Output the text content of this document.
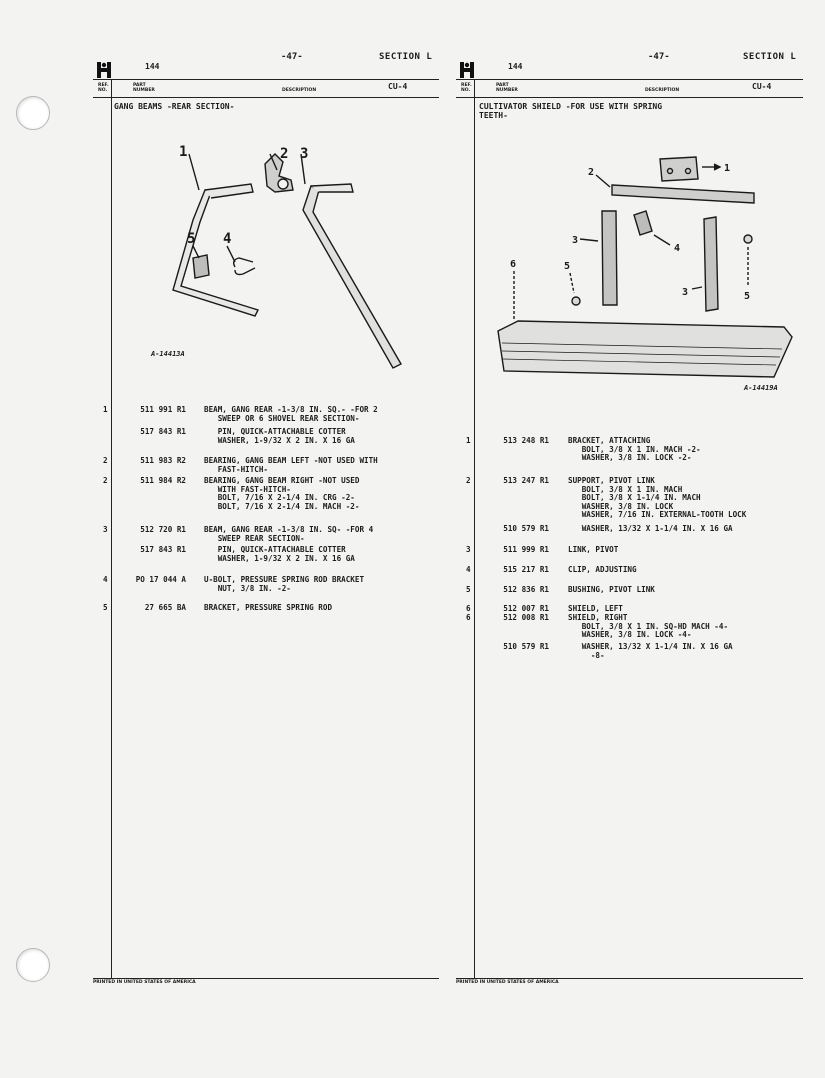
-47-	SECTION L
144
REF.
NO.
PART
NUMBER	DESCRIPTION	CU-4
GANG BEAMS -REAR SECTION-
1	2 3
4
5
A-14413A
1	511 991 R1 BEAM, GANG REAR -1-3/8 IN. SQ.- -FOR 2
SWEEP OR 6 SHOVEL REAR SECTION-
517 843 R1 PIN, QUICK-ATTACHABLE COTTER
WASHER, 1-9/32 X 2 IN. X 16 GA
2	511 983 R2 BEARING, GANG BEAM LEFT -NOT USED WITH
FAST-HITCH-
2	511 984 R2 BEARING, GANG BEAM RIGHT -NOT USED
WITH FAST-HITCH-
BOLT, 7/16 X 2-1/4 IN. CRG -2-
BOLT, 7/16 X 2-1/4 IN. MACH -2-
3	512 720 R1 BEAM, GANG REAR -1-3/8 IN. SQ- -FOR 4
SWEEP REAR SECTION-
517 843 R1 PIN, QUICK-ATTACHABLE COTTER
WASHER, 1-9/32 X 2 IN. X 16 GA
4	PO 17 044 A U-BOLT, PRESSURE SPRING ROD BRACKET
NUT, 3/8 IN. -2-
5	27 665 BA BRACKET, PRESSURE SPRING ROD
PRINTED IN UNITED STATES OF AMERICA
-47-	SECTION L
144
REF.
NO.
PART
NUMBER	DESCRIPTION	CU-4
CULTIVATOR SHIELD -FOR USE WITH SPRING
TEETH-
1
2
3
4
5
6
3	5
A-14419A
1	513 248 R1	BRACKET, ATTACHING
BOLT, 3/8 X 1 IN. MACH -2-
WASHER, 3/8 IN. LOCK -2-
2	513 247 R1	SUPPORT, PIVOT LINK
BOLT, 3/8 X 1 IN. MACH
BOLT, 3/8 X 1-1/4 IN. MACH
WASHER, 3/8 IN. LOCK
WASHER, 7/16 IN. EXTERNAL-TOOTH LOCK
510 579 R1	WASHER, 13/32 X 1-1/4 IN. X 16 GA
3	511 999 R1	LINK, PIVOT
4	515 217 R1	CLIP, ADJUSTING
5	512 836 R1	BUSHING, PIVOT LINK
6	512 007 R1	SHIELD, LEFT
6	512 008 R1	SHIELD, RIGHT
BOLT, 3/8 X 1 IN. SQ-HD MACH -4-
WASHER, 3/8 IN. LOCK -4-
510 579 R1	WASHER, 13/32 X 1-1/4 IN. X 16 GA
-8-
PRINTED IN UNITED STATES OF AMERICA
